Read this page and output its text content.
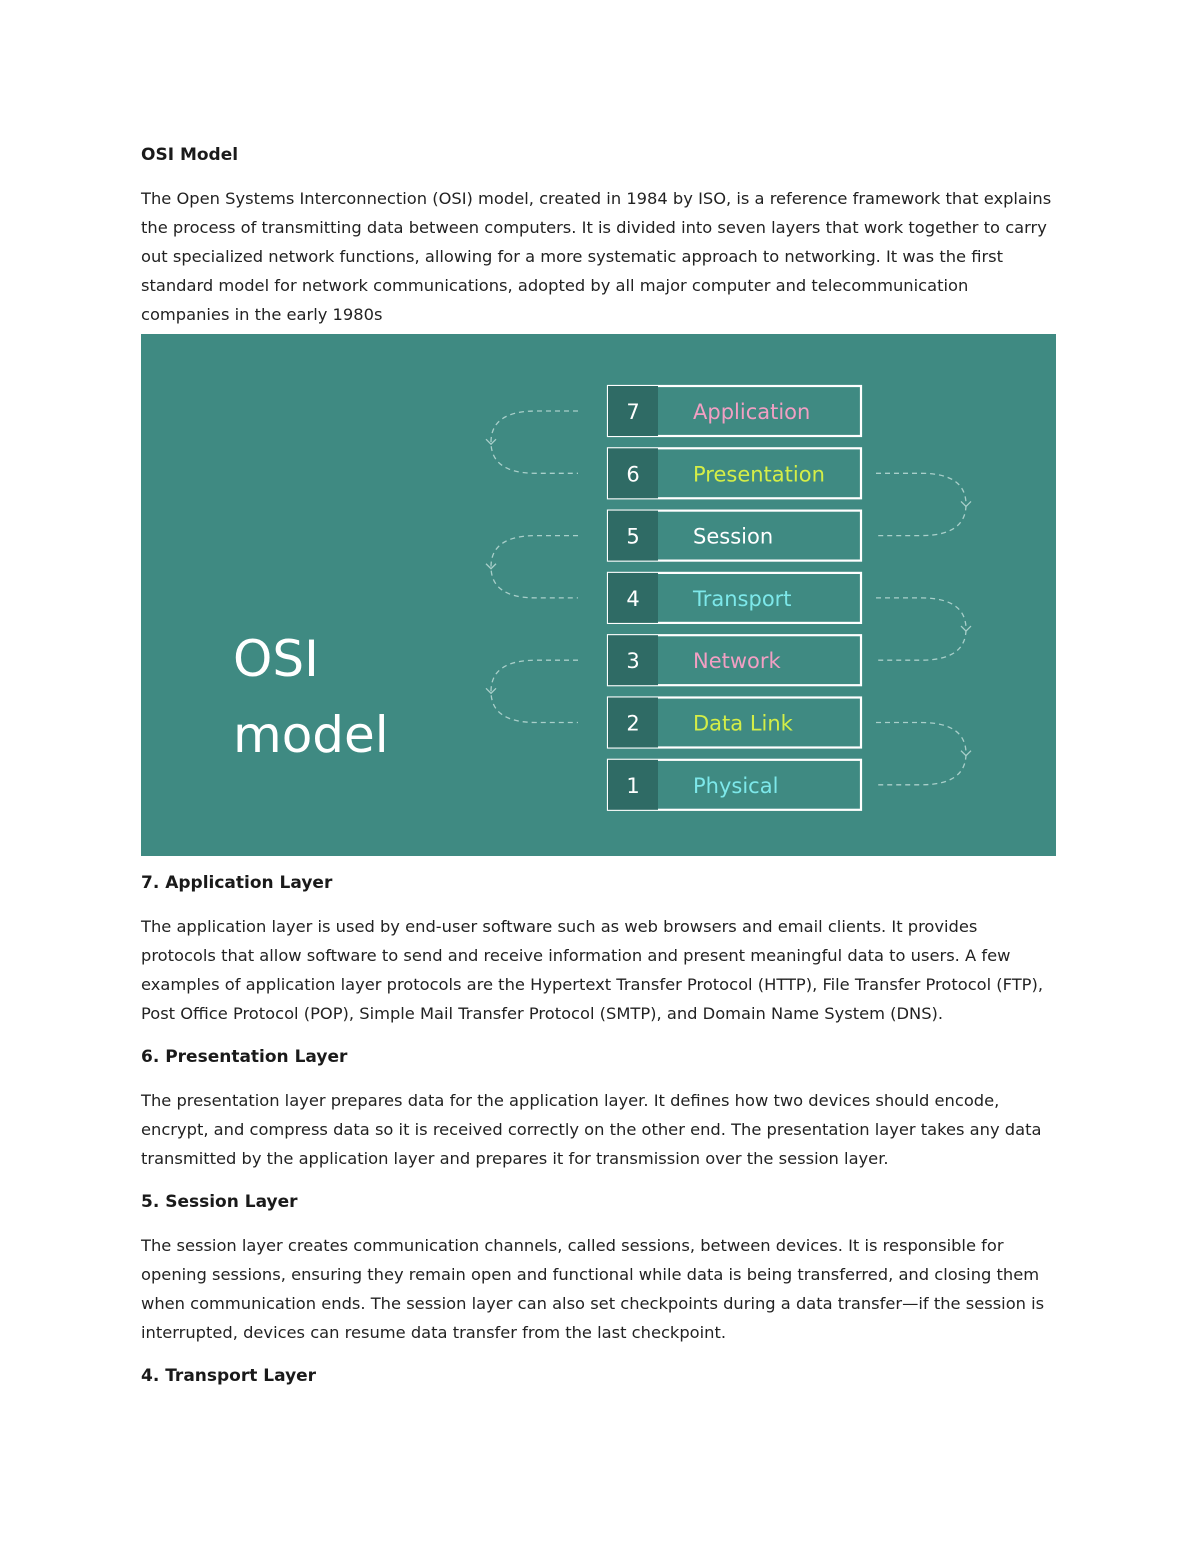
OSI Model

The Open Systems Interconnection (OSI) model, created in 1984 by ISO, is a reference framework that explains the process of transmitting data between computers. It is divided into seven layers that work together to carry out specialized network functions, allowing for a more systematic approach to networking. It was the first standard model for network communications, adopted by all major computer and telecommunication companies in the early 1980s

OSI
model
7	Application
6	Presentation
5	Session
4	Transport
3	Network
2	Data Link
1	Physical
7. Application Layer

The application layer is used by end-user software such as web browsers and email clients. It provides protocols that allow software to send and receive information and present meaningful data to users. A few examples of application layer protocols are the Hypertext Transfer Protocol (HTTP), File Transfer Protocol (FTP), Post Office Protocol (POP), Simple Mail Transfer Protocol (SMTP), and Domain Name System (DNS).

6. Presentation Layer

The presentation layer prepares data for the application layer. It defines how two devices should encode, encrypt, and compress data so it is received correctly on the other end. The presentation layer takes any data transmitted by the application layer and prepares it for transmission over the session layer.

5. Session Layer

The session layer creates communication channels, called sessions, between devices. It is responsible for opening sessions, ensuring they remain open and functional while data is being transferred, and closing them when communication ends. The session layer can also set checkpoints during a data transfer—if the session is interrupted, devices can resume data transfer from the last checkpoint.

4. Transport Layer
